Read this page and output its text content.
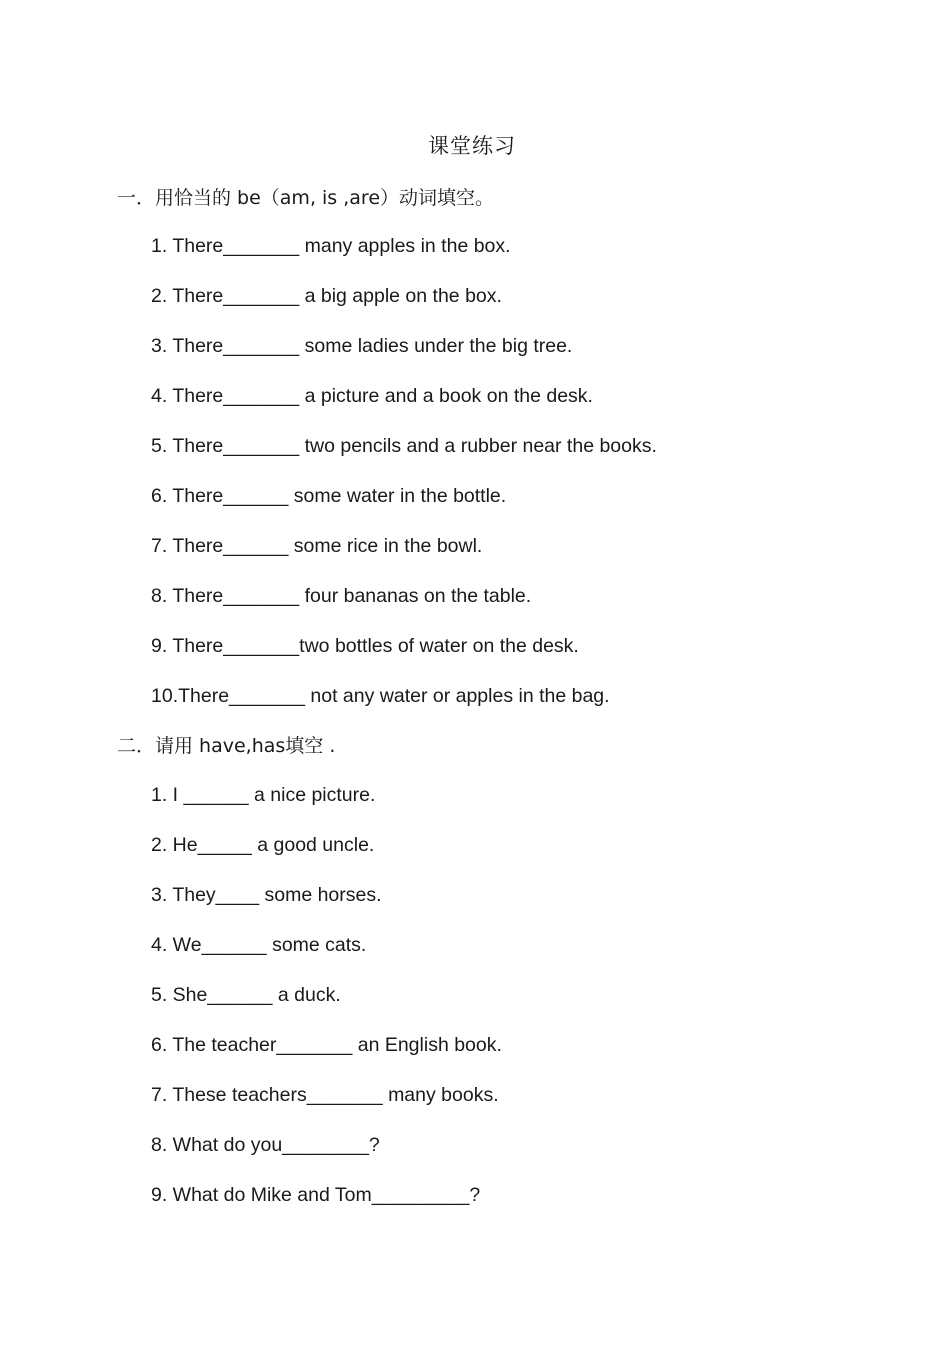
课堂练习
一．用恰当的 be（am, is ,are）动词填空。
1. There_______ many apples in the box.
2. There_______ a big apple on the box.
3. There_______ some ladies under the big tree.
4. There_______ a picture and a book on the desk.
5. There_______ two pencils and a rubber near the books.
6. There______ some water in the bottle.
7. There______ some rice in the bowl.
8. There_______ four bananas on the table.
9. There_______two bottles of water on the desk.
10.There_______ not any water or apples in the bag.
二．请用 have,has填空 .
1. I ______ a nice picture.
2. He_____ a good uncle.
3. They____ some horses.
4. We______ some cats.
5. She______ a duck.
6. The teacher_______ an English book.
7. These teachers_______ many books.
8. What do you________?
9. What do Mike and Tom_________?
